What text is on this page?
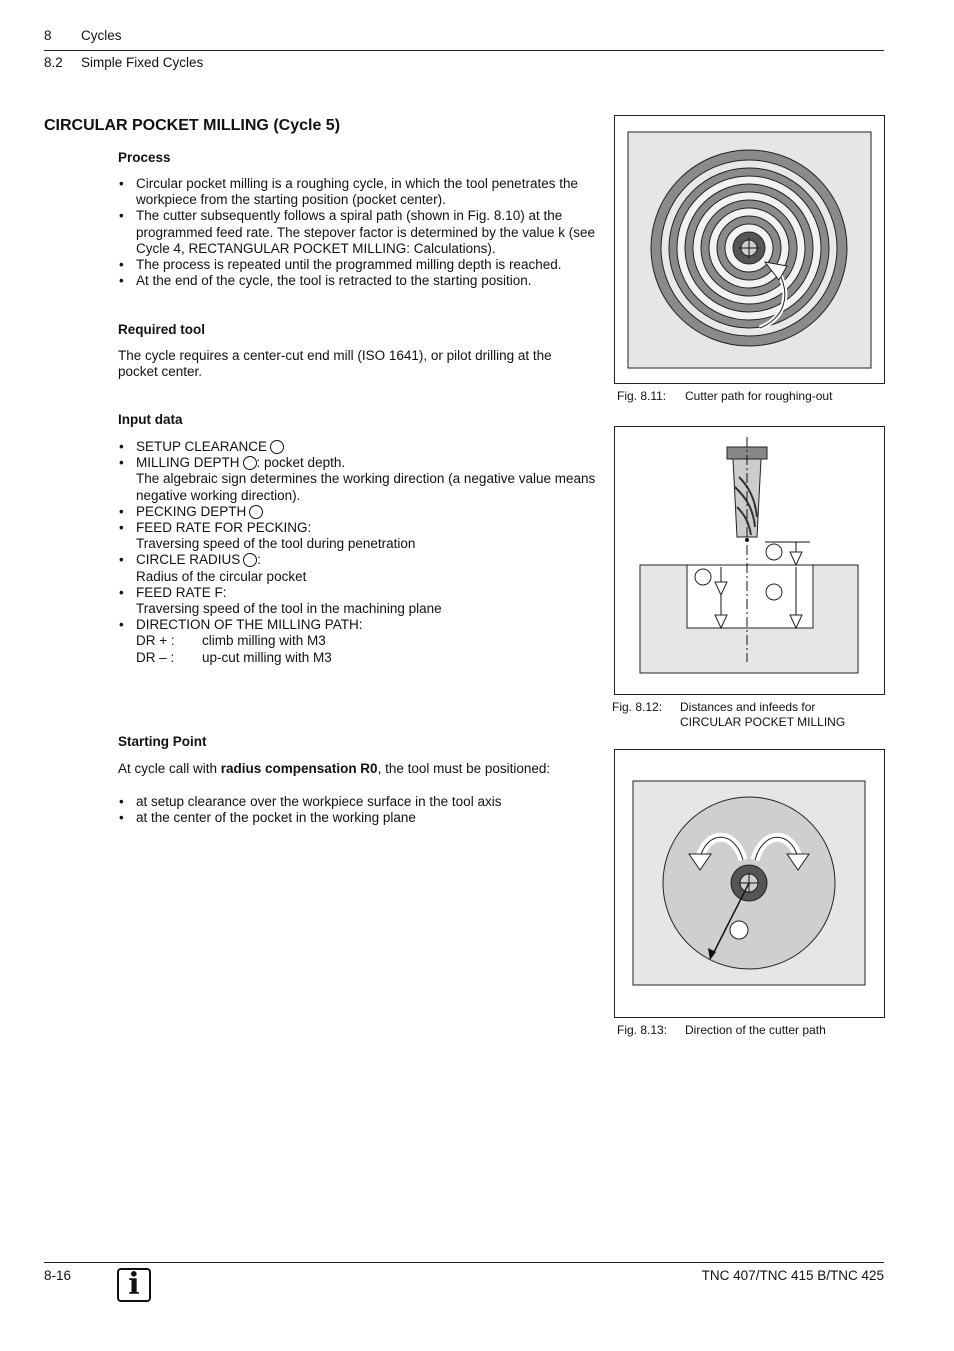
8 Cycles
8.2 Simple Fixed Cycles
CIRCULAR POCKET MILLING (Cycle 5)
Process
• Circular pocket milling is a roughing cycle, in which the tool penetrates the workpiece from the starting position (pocket center).
• The cutter subsequently follows a spiral path (shown in Fig. 8.10) at the programmed feed rate. The stepover factor is determined by the value k (see Cycle 4, RECTANGULAR POCKET MILLING: Calculations).
• The process is repeated until the programmed milling depth is reached.
• At the end of the cycle, the tool is retracted to the starting position.
Required tool
The cycle requires a center-cut end mill (ISO 1641), or pilot drilling at the pocket center.
Input data
• SETUP CLEARANCE
• MILLING DEPTH : pocket depth.
The algebraic sign determines the working direction (a negative value means negative working direction).
• PECKING DEPTH
• FEED RATE FOR PECKING:
Traversing speed of the tool during penetration
• CIRCLE RADIUS :
Radius of the circular pocket
• FEED RATE F:
Traversing speed of the tool in the machining plane
• DIRECTION OF THE MILLING PATH:
DR + : climb milling with M3
DR – : up-cut milling with M3
Starting Point
At cycle call with radius compensation R0, the tool must be positioned:
• at setup clearance over the workpiece surface in the tool axis
• at the center of the pocket in the working plane
Fig. 8.11: Cutter path for roughing-out
Fig. 8.12: Distances and infeeds for
CIRCULAR POCKET MILLING
Fig. 8.13: Direction of the cutter path
8-16	i	TNC 407/TNC 415 B/TNC 425
